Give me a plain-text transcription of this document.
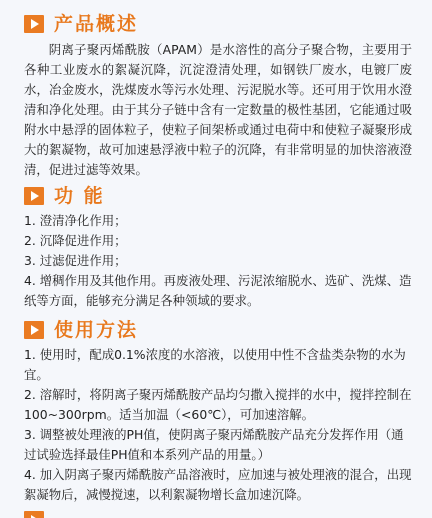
产品概述

阴离子聚丙烯酰胺（APAM）是水溶性的高分子聚合物，主要用于各种工业废水的絮凝沉降，沉淀澄清处理，如钢铁厂废水，电镀厂废水，冶金废水，洗煤废水等污水处理、污泥脱水等。还可用于饮用水澄清和净化处理。由于其分子链中含有一定数量的极性基团，它能通过吸附水中悬浮的固体粒子，使粒子间架桥或通过电荷中和使粒子凝聚形成大的絮凝物，故可加速悬浮液中粒子的沉降，有非常明显的加快溶液澄清，促进过滤等效果。

功 能
1. 澄清净化作用；
2. 沉降促进作用；
3. 过滤促进作用；
4. 增稠作用及其他作用。再废液处理、污泥浓缩脱水、选矿、洗煤、造纸等方面，能够充分满足各种领域的要求。
使用方法
1. 使用时，配成0.1%浓度的水溶液，以使用中性不含盐类杂物的水为宜。
2. 溶解时，将阴离子聚丙烯酰胺产品均匀撒入搅拌的水中，搅拌控制在100~300rpm。适当加温（<60℃），可加速溶解。
3. 调整被处理液的PH值，使阴离子聚丙烯酰胺产品充分发挥作用（通过试验选择最佳PH值和本系列产品的用量。）
4. 加入阴离子聚丙烯酰胺产品溶液时，应加速与被处理液的混合，出现絮凝物后，减慢搅速，以利絮凝物增长盒加速沉降。
